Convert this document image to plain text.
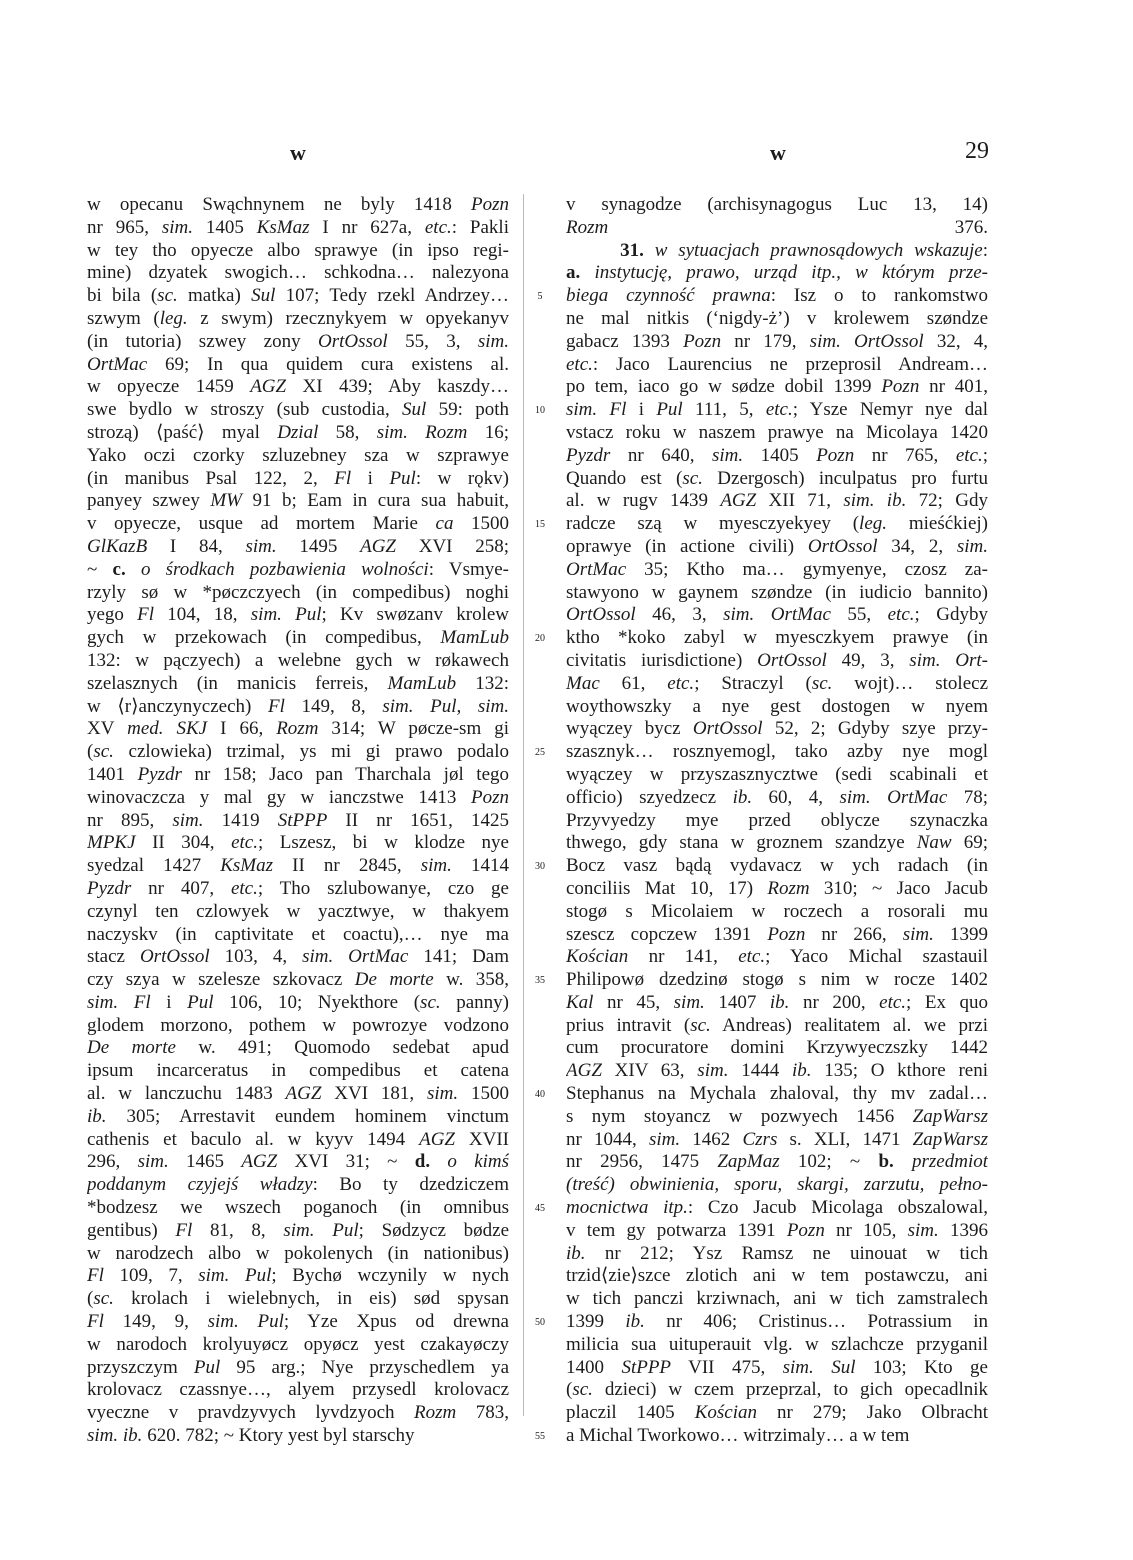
w	w	29
w opecanu Swąchnynem ne byly 1418 Pozn
nr 965, sim. 1405 KsMaz I nr 627a, etc.: Pakli
w tey tho opyecze albo sprawye (in ipso regi-
mine) dzyatek swogich… schkodna… nalezyona
bi bila (sc. matka) Sul 107; Tedy rzekl Andrzey…
szwym (leg. z swym) rzecznykyem w opyekanyv
(in tutoria) szwey zony OrtOssol 55, 3, sim.
OrtMac 69; In qua quidem cura existens al.
w opyecze 1459 AGZ XI 439; Aby kaszdy…
swe bydlo w stroszy (sub custodia, Sul 59: poth
strozą) ⟨paść⟩ myal Dzial 58, sim. Rozm 16;
Yako oczi czorky szluzebney sza w szprawye
(in manibus Psal 122, 2, Fl i Pul: w rǫkv)
panyey szwey MW 91 b; Eam in cura sua habuit,
v opyecze, usque ad mortem Marie ca 1500
GlKazB I 84, sim. 1495 AGZ XVI 258;
~ c. o środkach pozbawienia wolności: Vsmye-
rzyly sø w *pøczczyech (in compedibus) noghi
yego Fl 104, 18, sim. Pul; Kv swøzanv krolew
gych w przekowach (in compedibus, MamLub
132: w pączyech) a welebne gych w røkawech
szelasznych (in manicis ferreis, MamLub 132:
w ⟨r⟩anczynyczech) Fl 149, 8, sim. Pul, sim.
XV med. SKJ I 66, Rozm 314; W pøcze-sm gi
(sc. czlowieka) trzimal, ys mi gi prawo podalo
1401 Pyzdr nr 158; Jaco pan Tharchala jøl tego
winovaczcza y mal gy w ianczstwe 1413 Pozn
nr 895, sim. 1419 StPPP II nr 1651, 1425
MPKJ II 304, etc.; Lszesz, bi w klodze nye
syedzal 1427 KsMaz II nr 2845, sim. 1414
Pyzdr nr 407, etc.; Tho szlubowanye, czo ge
czynyl ten czlowyek w yacztwye, w thakyem
naczyskv (in captivitate et coactu),… nye ma
stacz OrtOssol 103, 4, sim. OrtMac 141; Dam
czy szya w szelesze szkovacz De morte w. 358,
sim. Fl i Pul 106, 10; Nyekthore (sc. panny)
glodem morzono, pothem w powrozye vodzono
De morte w. 491; Quomodo sedebat apud
ipsum incarceratus in compedibus et catena
al. w lanczuchu 1483 AGZ XVI 181, sim. 1500
ib. 305; Arrestavit eundem hominem vinctum
cathenis et baculo al. w kyyv 1494 AGZ XVII
296, sim. 1465 AGZ XVI 31; ~ d. o kimś
poddanym czyjejś władzy: Bo ty dzedziczem
*bodzesz we wszech poganoch (in omnibus
gentibus) Fl 81, 8, sim. Pul; Sødzycz bødze
w narodzech albo w pokolenych (in nationibus)
Fl 109, 7, sim. Pul; Bychø wczynily w nych
(sc. krolach i wielebnych, in eis) sød spysan
Fl 149, 9, sim. Pul; Yze Xpus od drewna
w narodoch krolyuyøcz opyøcz yest czakayøczy
przyszczym Pul 95 arg.; Nye przyschedlem ya
krolovacz czassnye…, alyem przysedl krolovacz
vyeczne v pravdzyvych lyvdzyoch Rozm 783,
sim. ib. 620. 782; ~ Ktory yest byl starschy
5
10
15
20
25
30
35
40
45
50
55
v synagodze (archisynagogus Luc 13, 14)
Rozm 376.
31. w sytuacjach prawnosądowych wskazuje:
a. instytucję, prawo, urząd itp., w którym prze-
biega czynność prawna: Isz o to rankomstwo
ne mal nitkis (‘nigdy-ż’) v krolewem szøndze
gabacz 1393 Pozn nr 179, sim. OrtOssol 32, 4,
etc.: Jaco Laurencius ne przeprosil Andream…
po tem, iaco go w sødze dobil 1399 Pozn nr 401,
sim. Fl i Pul 111, 5, etc.; Ysze Nemyr nye dal
vstacz roku w naszem prawye na Micolaya 1420
Pyzdr nr 640, sim. 1405 Pozn nr 765, etc.;
Quando est (sc. Dzergosch) inculpatus pro furtu
al. w rugv 1439 AGZ XII 71, sim. ib. 72; Gdy
radcze szą w myesczyekyey (leg. mieśćkiej)
oprawye (in actione civili) OrtOssol 34, 2, sim.
OrtMac 35; Ktho ma… gymyenye, czosz za-
stawyono w gaynem szøndze (in iudicio bannito)
OrtOssol 46, 3, sim. OrtMac 55, etc.; Gdyby
ktho *koko zabyl w myesczkyem prawye (in
civitatis iurisdictione) OrtOssol 49, 3, sim. Ort-
Mac 61, etc.; Straczyl (sc. wojt)… stolecz
woythowszky a nye gest dostogen w nyem
wyączey bycz OrtOssol 52, 2; Gdyby szye przy-
szasznyk… rosznyemogl, tako azby nye mogl
wyączey w przyszasznycztwe (sedi scabinali et
officio) szyedzecz ib. 60, 4, sim. OrtMac 78;
Przyvyedzy mye przed oblycze szynaczka
thwego, gdy stana w groznem szandzye Naw 69;
Bocz vasz bądą vydavacz w ych radach (in
conciliis Mat 10, 17) Rozm 310; ~ Jaco Jacub
stogø s Micolaiem w roczech a rosorali mu
szescz copczew 1391 Pozn nr 266, sim. 1399
Kościan nr 141, etc.; Yaco Michal szastauil
Philipowø dzedzinø stogø s nim w rocze 1402
Kal nr 45, sim. 1407 ib. nr 200, etc.; Ex quo
prius intravit (sc. Andreas) realitatem al. we przi
cum procuratore domini Krzywyeczszky 1442
AGZ XIV 63, sim. 1444 ib. 135; O kthore reni
Stephanus na Mychala zhaloval, thy mv zadal…
s nym stoyancz w pozwyech 1456 ZapWarsz
nr 1044, sim. 1462 Czrs s. XLI, 1471 ZapWarsz
nr 2956, 1475 ZapMaz 102; ~ b. przedmiot
(treść) obwinienia, sporu, skargi, zarzutu, pełno-
mocnictwa itp.: Czo Jacub Micolaga obszalowal,
v tem gy potwarza 1391 Pozn nr 105, sim. 1396
ib. nr 212; Ysz Ramsz ne uinouat w tich
trzid⟨zie⟩szce zlotich ani w tem postawczu, ani
w tich panczi krziwnach, ani w tich zamstralech
1399 ib. nr 406; Cristinus… Potrassium in
milicia sua uituperauit vlg. w szlachcze przyganil
1400 StPPP VII 475, sim. Sul 103; Kto ge
(sc. dzieci) w czem przeprzal, to gich opecadlnik
placzil 1405 Kościan nr 279; Jako Olbracht
a Michal Tworkowo… witrzimaly… a w tem
